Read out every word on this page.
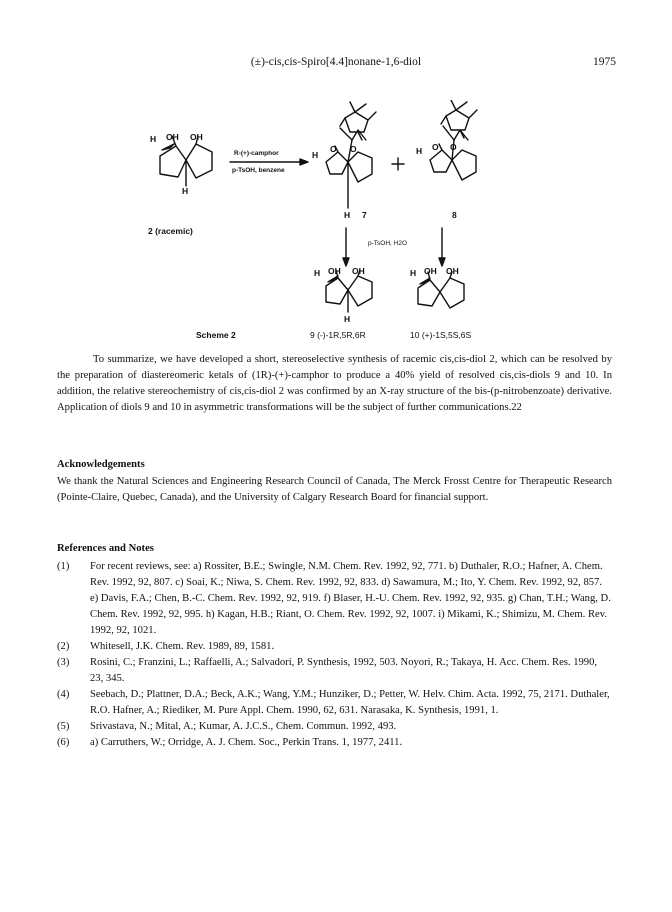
(±)-cis,cis-Spiro[4.4]nonane-1,6-diol	1975
H OH OH
H
2 (racemic)
R-(+)-camphor
p-TsOH, benzene
H
O O
H 7
H O O
8
p-TsOH, H2O
H OH OH
H
H OH OH
Scheme 2	9 (-)-1R,5R,6R	10 (+)-1S,5S,6S
To summarize, we have developed a short, stereoselective synthesis of racemic cis,cis-diol 2, which can be resolved by the preparation of diastereomeric ketals of (1R)-(+)-camphor to produce a 40% yield of resolved cis,cis-diols 9 and 10. In addition, the relative stereochemistry of cis,cis-diol 2 was confirmed by an X-ray structure of the bis-(p-nitrobenzoate) derivative. Application of diols 9 and 10 in asymmetric transformations will be the subject of further communications.22
Acknowledgements
We thank the Natural Sciences and Engineering Research Council of Canada, The Merck Frosst Centre for Therapeutic Research (Pointe-Claire, Quebec, Canada), and the University of Calgary Research Board for financial support.
References and Notes
(1)	For recent reviews, see: a) Rossiter, B.E.; Swingle, N.M. Chem. Rev. 1992, 92, 771. b) Duthaler, R.O.; Hafner, A. Chem. Rev. 1992, 92, 807. c) Soai, K.; Niwa, S. Chem. Rev. 1992, 92, 833. d) Sawamura, M.; Ito, Y. Chem. Rev. 1992, 92, 857. e) Davis, F.A.; Chen, B.-C. Chem. Rev. 1992, 92, 919. f) Blaser, H.-U. Chem. Rev. 1992, 92, 935. g) Chan, T.H.; Wang, D. Chem. Rev. 1992, 92, 995. h) Kagan, H.B.; Riant, O. Chem. Rev. 1992, 92, 1007. i) Mikami, K.; Shimizu, M. Chem. Rev. 1992, 92, 1021.
(2)	Whitesell, J.K. Chem. Rev. 1989, 89, 1581.
(3)	Rosini, C.; Franzini, L.; Raffaelli, A.; Salvadori, P. Synthesis, 1992, 503. Noyori, R.; Takaya, H. Acc. Chem. Res. 1990, 23, 345.
(4)	Seebach, D.; Plattner, D.A.; Beck, A.K.; Wang, Y.M.; Hunziker, D.; Petter, W. Helv. Chim. Acta. 1992, 75, 2171. Duthaler, R.O. Hafner, A.; Riediker, M. Pure Appl. Chem. 1990, 62, 631. Narasaka, K. Synthesis, 1991, 1.
(5)	Srivastava, N.; Mital, A.; Kumar, A. J.C.S., Chem. Commun. 1992, 493.
(6)	a) Carruthers, W.; Orridge, A. J. Chem. Soc., Perkin Trans. 1, 1977, 2411.
